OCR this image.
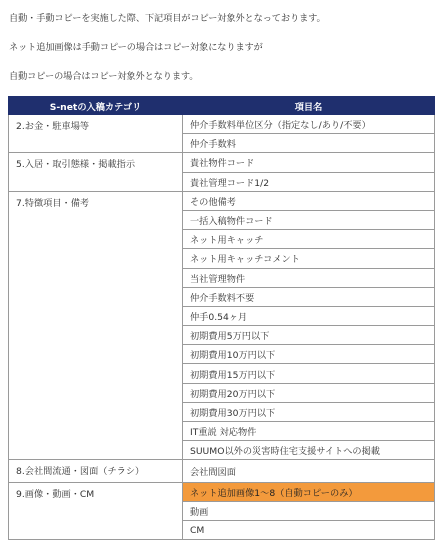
自動・手動コピーを実施した際、下記項目がコピー対象外となっております。
ネット追加画像は手動コピーの場合はコピー対象になりますが
自動コピーの場合はコピー対象外となります。
S-netの入稿カテゴリ	項目名
2.お金・駐車場等	仲介手数料単位区分（指定なし/あり/不要）
	仲介手数料
5.入居・取引態様・掲載指示	貴社物件コード
	貴社管理コード1/2
7.特徴項目・備考	その他備考
	一括入稿物件コード
	ネット用キャッチ
	ネット用キャッチコメント
	当社管理物件
	仲介手数料不要
	仲手0.54ヶ月
	初期費用5万円以下
	初期費用10万円以下
	初期費用15万円以下
	初期費用20万円以下
	初期費用30万円以下
	IT重説 対応物件
	SUUMO以外の災害時住宅支援サイトへの掲載
8.会社間流通・図面（チラシ）	会社間図面
9.画像・動画・CM	ネット追加画像1～8（自動コピーのみ）
	動画
	CM
